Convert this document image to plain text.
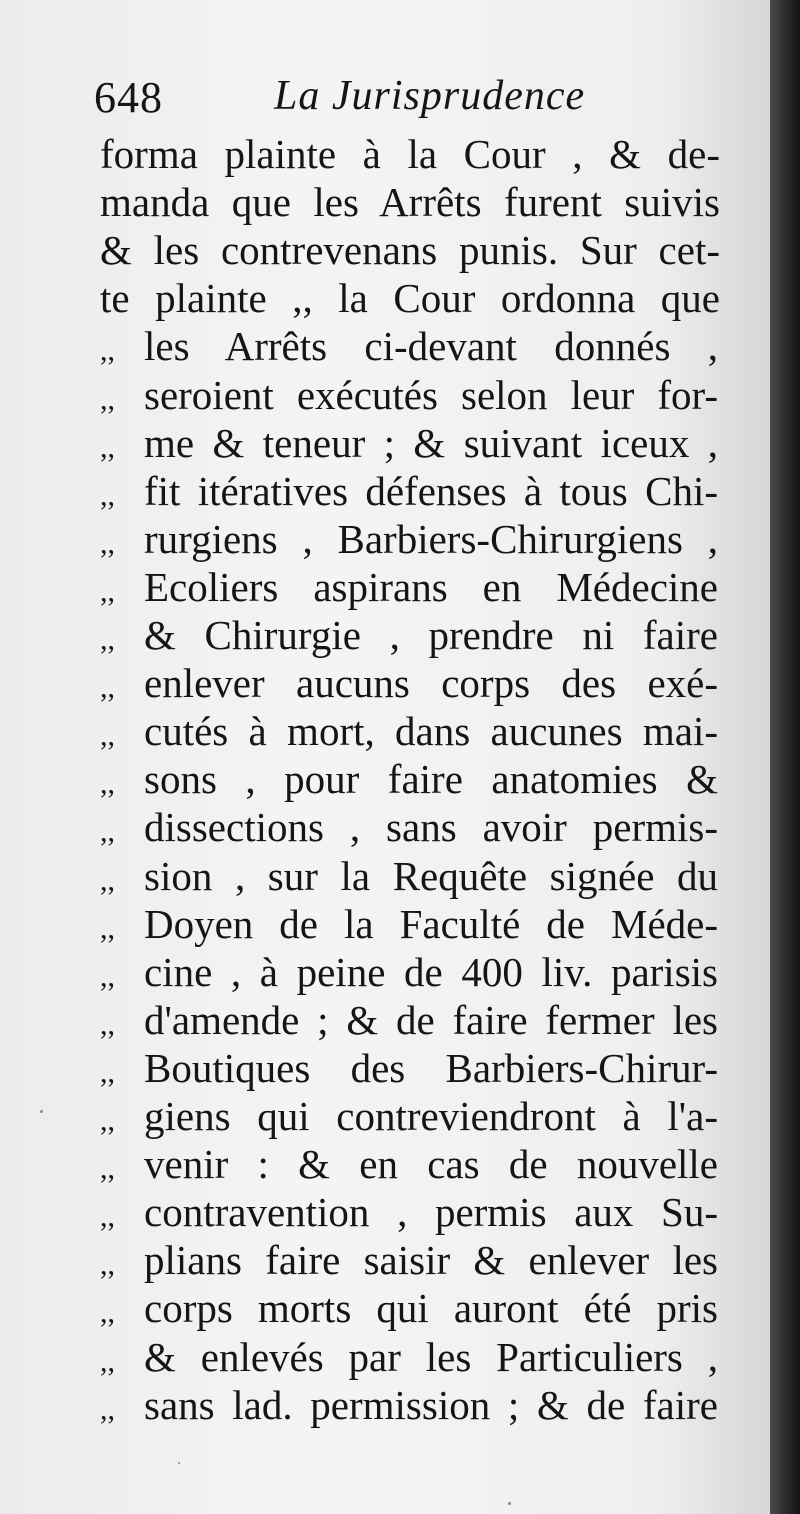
648	La Jurisprudence
forma plainte à la Cour , & de-
manda que les Arrêts furent suivis
& les contrevenans punis. Sur cet-
te plainte ,, la Cour ordonna que
,, les Arrêts ci-devant donnés ,
,, seroient exécutés selon leur for-
,, me & teneur ; & suivant iceux ,
,, fit itératives défenses à tous Chi-
,, rurgiens , Barbiers-Chirurgiens ,
,, Ecoliers aspirans en Médecine
,, & Chirurgie , prendre ni faire
,, enlever aucuns corps des exé-
,, cutés à mort, dans aucunes mai-
,, sons , pour faire anatomies &
,, dissections , sans avoir permis-
,, sion , sur la Requête signée du
,, Doyen de la Faculté de Méde-
,, cine , à peine de 400 liv. parisis
,, d'amende ; & de faire fermer les
,, Boutiques des Barbiers-Chirur-
,, giens qui contreviendront à l'a-
,, venir : & en cas de nouvelle
,, contravention , permis aux Su-
,, plians faire saisir & enlever les
,, corps morts qui auront été pris
,, & enlevés par les Particuliers ,
,, sans lad. permission ; & de faire
